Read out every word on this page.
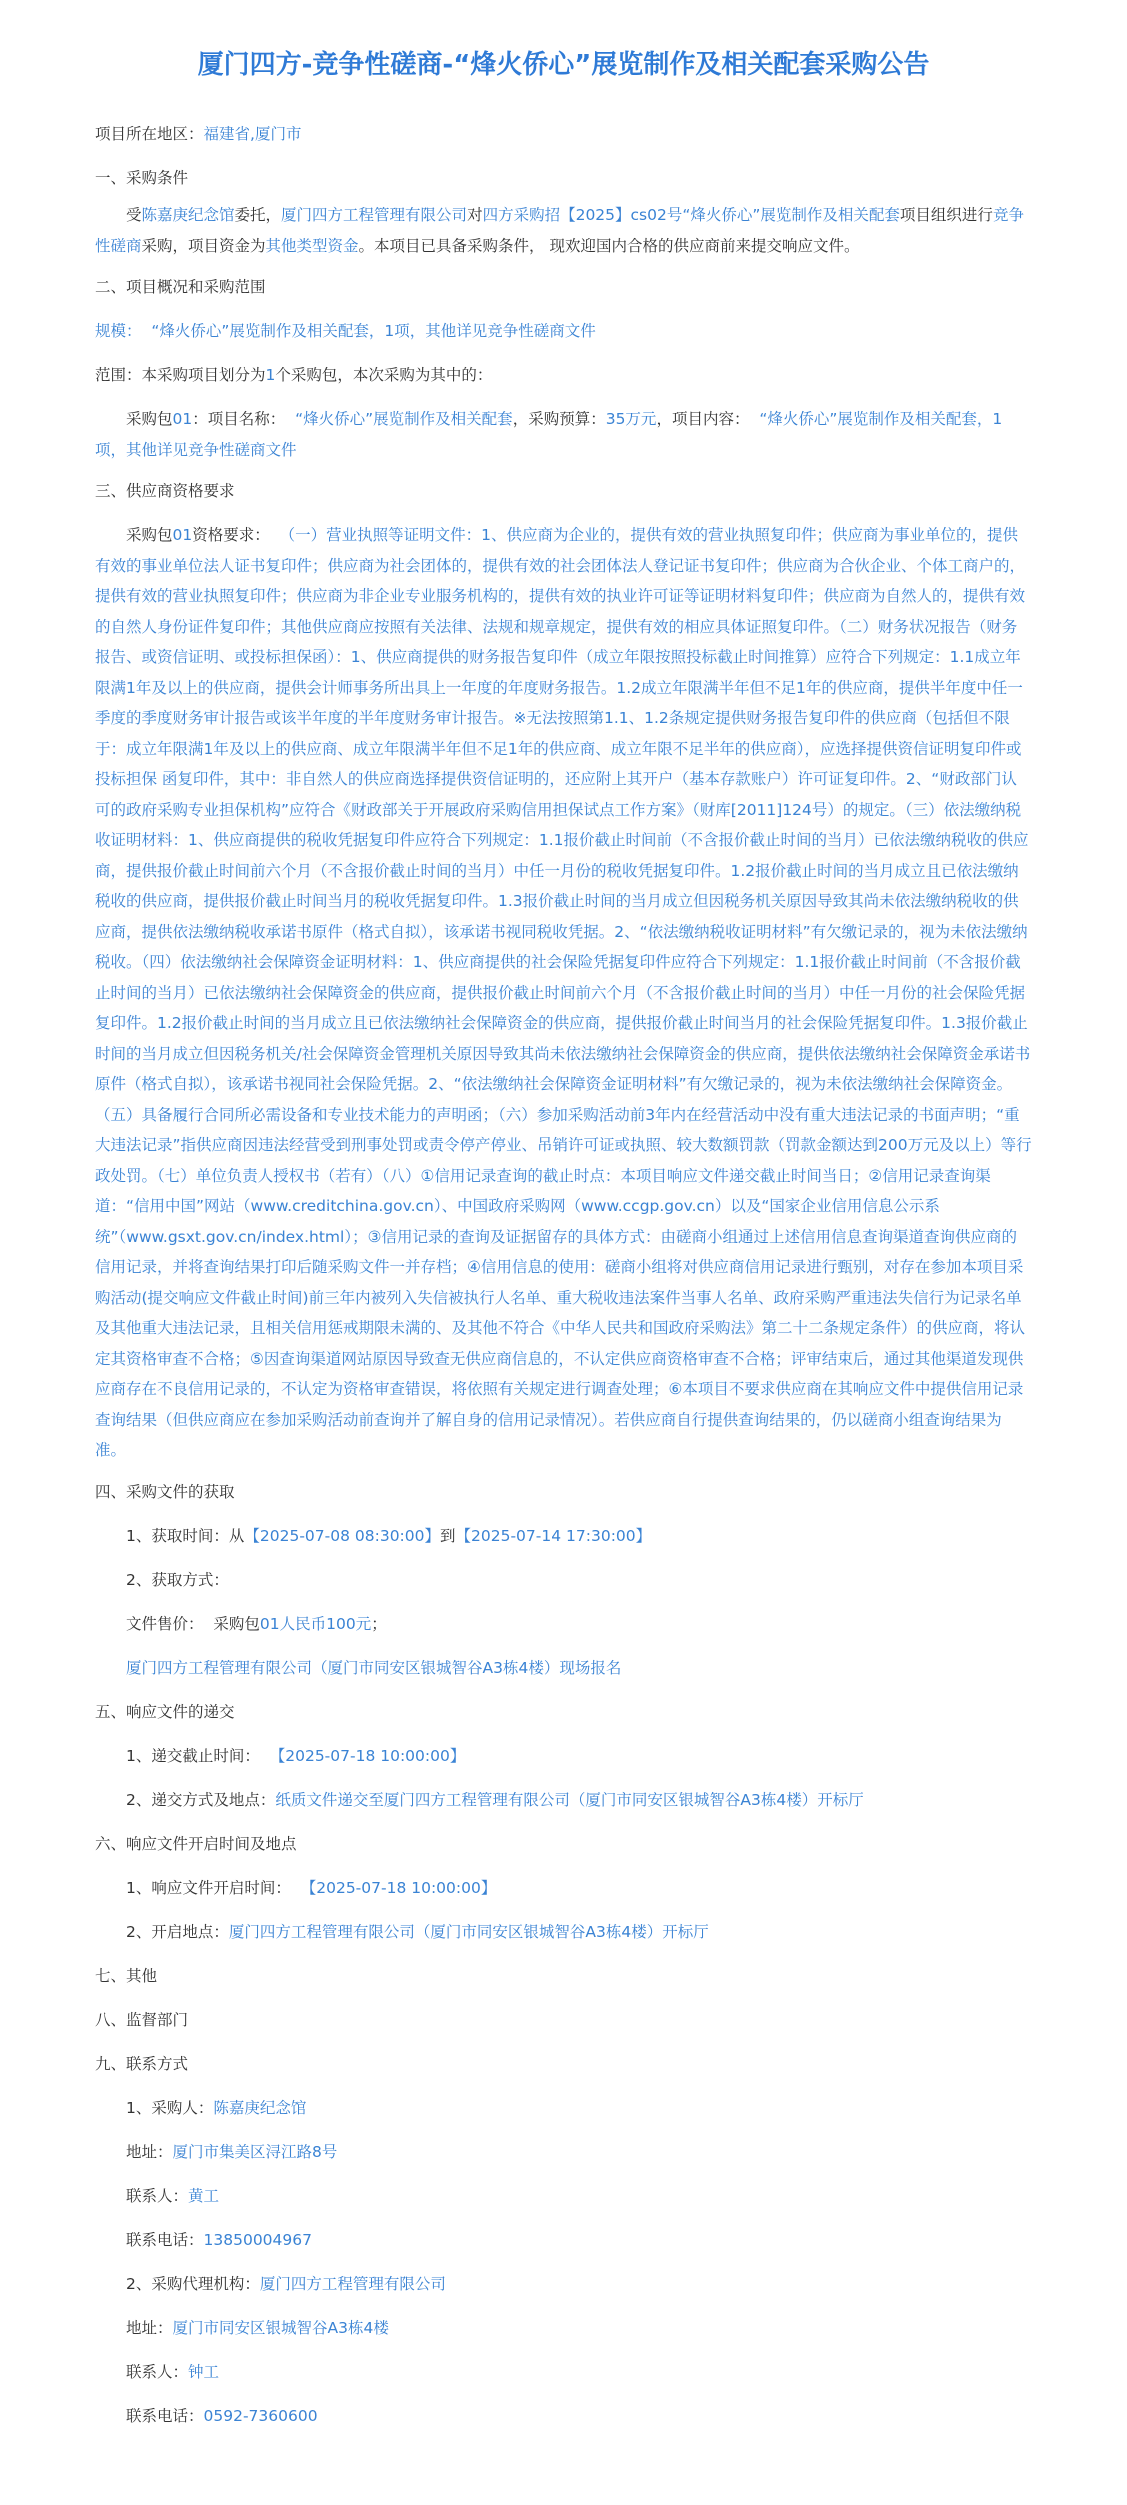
厦门四方-竞争性磋商-“烽火侨心”展览制作及相关配套采购公告

项目所在地区：福建省,厦门市

一、采购条件

受陈嘉庚纪念馆委托，厦门四方工程管理有限公司对四方采购招【2025】cs02号“烽火侨心”展览制作及相关配套项目组织进行竞争性磋商采购，项目资金为其他类型资金。本项目已具备采购条件， 现欢迎国内合格的供应商前来提交响应文件。

二、项目概况和采购范围

规模： “烽火侨心”展览制作及相关配套，1项，其他详见竞争性磋商文件

范围：本采购项目划分为1个采购包，本次采购为其中的：

采购包01：项目名称： “烽火侨心”展览制作及相关配套，采购预算：35万元，项目内容： “烽火侨心”展览制作及相关配套，1项，其他详见竞争性磋商文件

三、供应商资格要求

采购包01资格要求： （一）营业执照等证明文件：1、供应商为企业的，提供有效的营业执照复印件；供应商为事业单位的，提供有效的事业单位法人证书复印件；供应商为社会团体的，提供有效的社会团体法人登记证书复印件；供应商为合伙企业、个体工商户的，提供有效的营业执照复印件；供应商为非企业专业服务机构的，提供有效的执业许可证等证明材料复印件；供应商为自然人的，提供有效的自然人身份证件复印件；其他供应商应按照有关法律、法规和规章规定，提供有效的相应具体证照复印件。（二）财务状况报告（财务报告、或资信证明、或投标担保函）：1、供应商提供的财务报告复印件（成立年限按照投标截止时间推算）应符合下列规定：1.1成立年限满1年及以上的供应商，提供会计师事务所出具上一年度的年度财务报告。1.2成立年限满半年但不足1年的供应商，提供半年度中任一季度的季度财务审计报告或该半年度的半年度财务审计报告。※无法按照第1.1、1.2条规定提供财务报告复印件的供应商（包括但不限于：成立年限满1年及以上的供应商、成立年限满半年但不足1年的供应商、成立年限不足半年的供应商），应选择提供资信证明复印件或投标担保 函复印件，其中：非自然人的供应商选择提供资信证明的，还应附上其开户（基本存款账户）许可证复印件。2、“财政部门认可的政府采购专业担保机构”应符合《财政部关于开展政府采购信用担保试点工作方案》（财库[2011]124号）的规定。（三）依法缴纳税收证明材料：1、供应商提供的税收凭据复印件应符合下列规定：1.1报价截止时间前（不含报价截止时间的当月）已依法缴纳税收的供应商，提供报价截止时间前六个月（不含报价截止时间的当月）中任一月份的税收凭据复印件。1.2报价截止时间的当月成立且已依法缴纳税收的供应商，提供报价截止时间当月的税收凭据复印件。1.3报价截止时间的当月成立但因税务机关原因导致其尚未依法缴纳税收的供应商，提供依法缴纳税收承诺书原件（格式自拟），该承诺书视同税收凭据。2、“依法缴纳税收证明材料”有欠缴记录的，视为未依法缴纳税收。（四）依法缴纳社会保障资金证明材料：1、供应商提供的社会保险凭据复印件应符合下列规定：1.1报价截止时间前（不含报价截止时间的当月）已依法缴纳社会保障资金的供应商，提供报价截止时间前六个月（不含报价截止时间的当月）中任一月份的社会保险凭据复印件。1.2报价截止时间的当月成立且已依法缴纳社会保障资金的供应商，提供报价截止时间当月的社会保险凭据复印件。1.3报价截止时间的当月成立但因税务机关/社会保障资金管理机关原因导致其尚未依法缴纳社会保障资金的供应商，提供依法缴纳社会保障资金承诺书原件（格式自拟），该承诺书视同社会保险凭据。2、“依法缴纳社会保障资金证明材料”有欠缴记录的，视为未依法缴纳社会保障资金。（五）具备履行合同所必需设备和专业技术能力的声明函；（六）参加采购活动前3年内在经营活动中没有重大违法记录的书面声明；“重大违法记录”指供应商因违法经营受到刑事处罚或责令停产停业、吊销许可证或执照、较大数额罚款（罚款金额达到200万元及以上）等行政处罚。（七）单位负责人授权书（若有）（八）①信用记录查询的截止时点：本项目响应文件递交截止时间当日；②信用记录查询渠道：“信用中国”网站（www.creditchina.gov.cn）、中国政府采购网（www.ccgp.gov.cn）以及“国家企业信用信息公示系统”（www.gsxt.gov.cn/index.html）；③信用记录的查询及证据留存的具体方式：由磋商小组通过上述信用信息查询渠道查询供应商的信用记录，并将查询结果打印后随采购文件一并存档；④信用信息的使用：磋商小组将对供应商信用记录进行甄别，对存在参加本项目采购活动(提交响应文件截止时间)前三年内被列入失信被执行人名单、重大税收违法案件当事人名单、政府采购严重违法失信行为记录名单及其他重大违法记录，且相关信用惩戒期限未满的、及其他不符合《中华人民共和国政府采购法》第二十二条规定条件）的供应商，将认定其资格审查不合格；⑤因查询渠道网站原因导致查无供应商信息的，不认定供应商资格审查不合格；评审结束后，通过其他渠道发现供应商存在不良信用记录的，不认定为资格审查错误，将依照有关规定进行调查处理；⑥本项目不要求供应商在其响应文件中提供信用记录查询结果（但供应商应在参加采购活动前查询并了解自身的信用记录情况）。若供应商自行提供查询结果的，仍以磋商小组查询结果为准。

四、采购文件的获取

1、获取时间：从【2025-07-08 08:30:00】到【2025-07-14 17:30:00】

2、获取方式：

文件售价： 采购包01人民币100元；

厦门四方工程管理有限公司（厦门市同安区银城智谷A3栋4楼）现场报名

五、响应文件的递交

1、递交截止时间： 【2025-07-18 10:00:00】

2、递交方式及地点：纸质文件递交至厦门四方工程管理有限公司（厦门市同安区银城智谷A3栋4楼）开标厅

六、响应文件开启时间及地点

1、响应文件开启时间： 【2025-07-18 10:00:00】

2、开启地点：厦门四方工程管理有限公司（厦门市同安区银城智谷A3栋4楼）开标厅

七、其他

八、监督部门

九、联系方式

1、采购人：陈嘉庚纪念馆

地址：厦门市集美区浔江路8号

联系人：黄工

联系电话：13850004967

2、采购代理机构：厦门四方工程管理有限公司

地址：厦门市同安区银城智谷A3栋4楼

联系人：钟工

联系电话：0592-7360600
